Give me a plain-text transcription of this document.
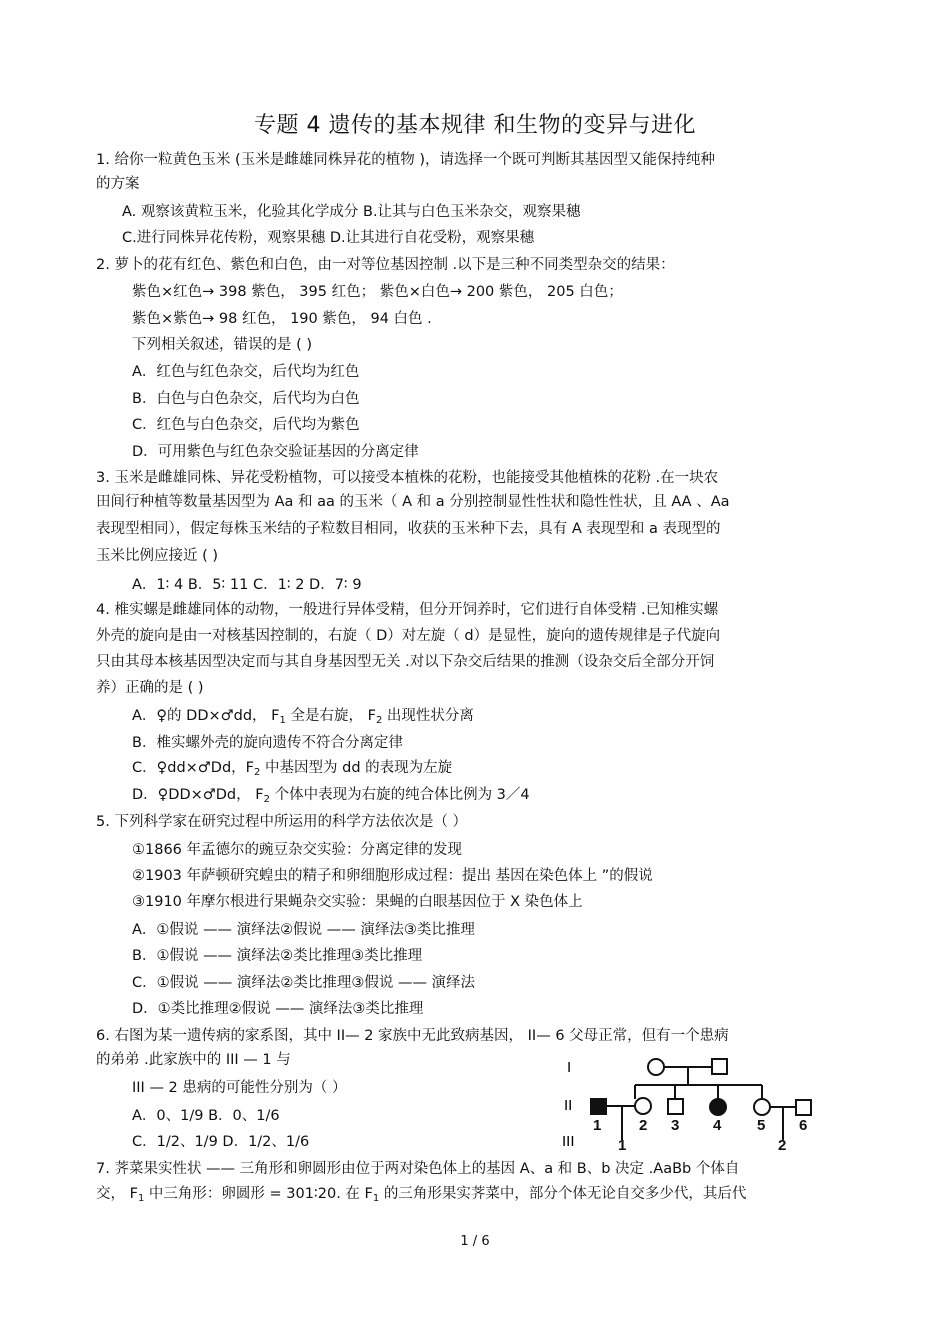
专题 4 遗传的基本规律 和生物的变异与进化
1. 给你一粒黄色玉米 (玉米是雌雄同株异花的植物 )，请选择一个既可判断其基因型又能保持纯种
的方案
A. 观察该黄粒玉米，化验其化学成分 B.让其与白色玉米杂交，观察果穗
C.进行同株异花传粉，观察果穗 D.让其进行自花受粉，观察果穗
2. 萝卜的花有红色、紫色和白色，由一对等位基因控制 .以下是三种不同类型杂交的结果：
紫色×红色→ 398 紫色， 395 红色； 紫色×白色→ 200 紫色， 205 白色；
紫色×紫色→ 98 红色， 190 紫色， 94 白色 .
下列相关叙述，错误的是 ( )
A．红色与红色杂交，后代均为红色
B．白色与白色杂交，后代均为白色
C．红色与白色杂交，后代均为紫色
D．可用紫色与红色杂交验证基因的分离定律
3. 玉米是雌雄同株、异花受粉植物，可以接受本植株的花粉，也能接受其他植株的花粉 .在一块农
田间行种植等数量基因型为 Aa 和 aa 的玉米（ A 和 a 分别控制显性性状和隐性性状，且 AA 、Aa
表现型相同），假定每株玉米结的子粒数目相同，收获的玉米种下去，具有 A 表现型和 a 表现型的
玉米比例应接近 ( )
A．1∶ 4 B．5∶ 11 C．1∶ 2 D．7∶ 9
4. 椎实螺是雌雄同体的动物，一般进行异体受精，但分开饲养时，它们进行自体受精 .已知椎实螺
外壳的旋向是由一对核基因控制的，右旋（ D）对左旋（ d）是显性，旋向的遗传规律是子代旋向
只由其母本核基因型决定而与其自身基因型无关 .对以下杂交后结果的推测（设杂交后全部分开饲
养）正确的是 ( )
A．♀的 DD×♂dd， $F_1$ 全是右旋， $F_2$ 出现性状分离
B．椎实螺外壳的旋向遗传不符合分离定律
C．♀dd×♂Dd，$F_2$ 中基因型为 dd 的表现为左旋
D．♀DD×♂Dd， $F_2$ 个体中表现为右旋的纯合体比例为 3／4
5. 下列科学家在研究过程中所运用的科学方法依次是（ ）
①1866 年孟德尔的豌豆杂交实验：分离定律的发现
②1903 年萨顿研究蝗虫的精子和卵细胞形成过程：提出 基因在染色体上 ”的假说
③1910 年摩尔根进行果蝇杂交实验：果蝇的白眼基因位于 X 染色体上
A．①假说 —— 演绎法②假说 —— 演绎法③类比推理
B．①假说 —— 演绎法②类比推理③类比推理
C．①假说 —— 演绎法②类比推理③假说 —— 演绎法
D．①类比推理②假说 —— 演绎法③类比推理
6. 右图为某一遗传病的家系图，其中 II— 2 家族中无此致病基因， II— 6 父母正常，但有一个患病
的弟弟 .此家族中的 III — 1 与
III — 2 患病的可能性分别为（ ）
A．0、1/9 B．0、1/6
C．1/2、1/9 D．1/2、1/6
7. 荠菜果实性状 —— 三角形和卵圆形由位于两对染色体上的基因 A、a 和 B、b 决定 .AaBb 个体自
交， $F_1$ 中三角形：卵圆形 = 301∶20. 在 $F_1$ 的三角形果实荠菜中，部分个体无论自交多少代，其后代
I
II
III
1	2 3 4 5 6
1	2
1 / 6
